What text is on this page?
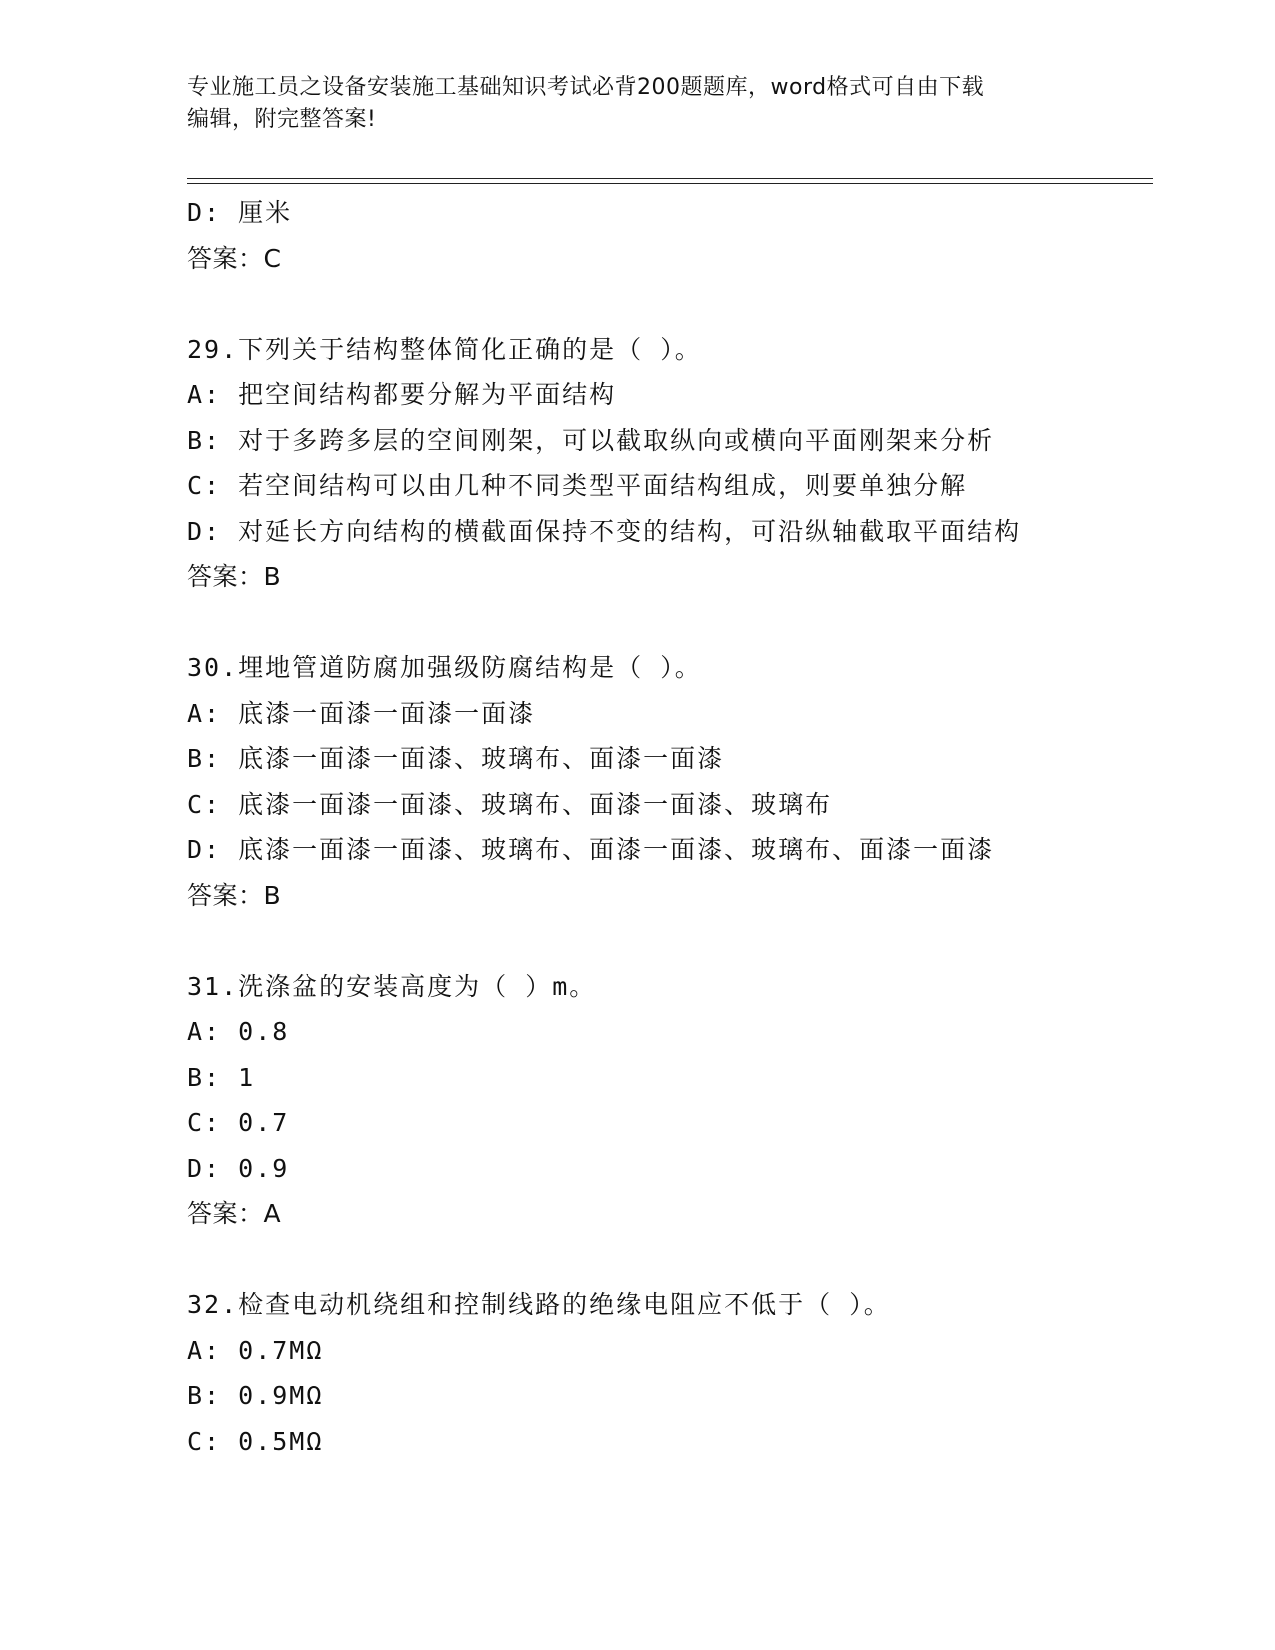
专业施工员之设备安装施工基础知识考试必背200题题库，word格式可自由下载
编辑，附完整答案!
D: 厘米
答案：C
29.下列关于结构整体简化正确的是（ ）。
A: 把空间结构都要分解为平面结构
B: 对于多跨多层的空间刚架，可以截取纵向或横向平面刚架来分析
C: 若空间结构可以由几种不同类型平面结构组成，则要单独分解
D: 对延长方向结构的横截面保持不变的结构，可沿纵轴截取平面结构
答案：B
30.埋地管道防腐加强级防腐结构是（ ）。
A: 底漆一面漆一面漆一面漆
B: 底漆一面漆一面漆、玻璃布、面漆一面漆
C: 底漆一面漆一面漆、玻璃布、面漆一面漆、玻璃布
D: 底漆一面漆一面漆、玻璃布、面漆一面漆、玻璃布、面漆一面漆
答案：B
31.洗涤盆的安装高度为（ ）m。
A: 0.8
B: 1
C: 0.7
D: 0.9
答案：A
32.检查电动机绕组和控制线路的绝缘电阻应不低于（ ）。
A: 0.7MΩ
B: 0.9MΩ
C: 0.5MΩ
